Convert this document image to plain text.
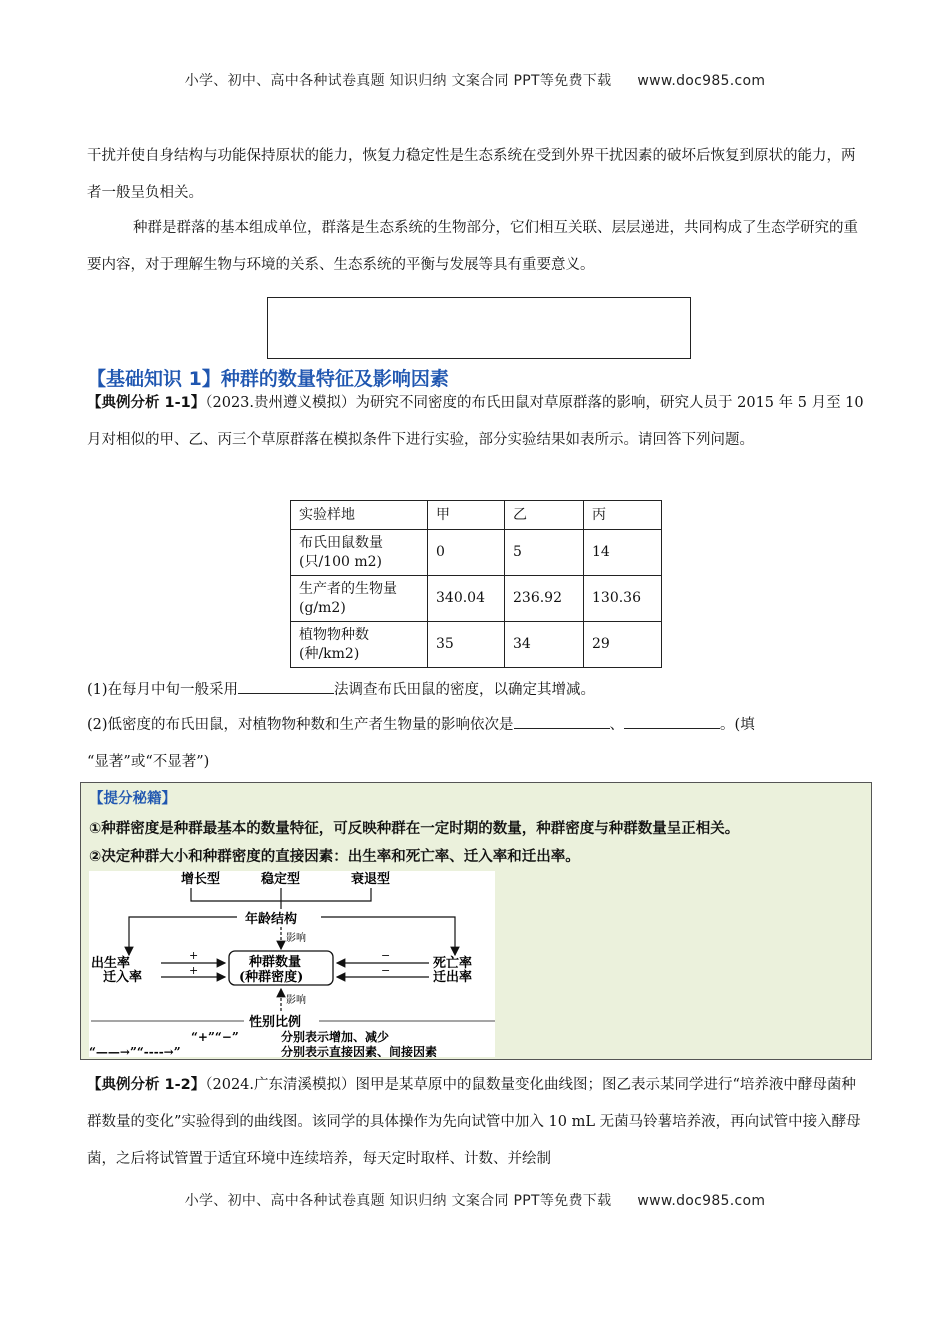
小学、初中、高中各种试卷真题 知识归纳 文案合同 PPT等免费下载 www.doc985.com
干扰并使自身结构与功能保持原状的能力，恢复力稳定性是生态系统在受到外界干扰因素的破坏后恢复到原状的能力，两者一般呈负相关。
种群是群落的基本组成单位，群落是生态系统的生物部分，它们相互关联、层层递进，共同构成了生态学研究的重要内容，对于理解生物与环境的关系、生态系统的平衡与发展等具有重要意义。
【基础知识 1】种群的数量特征及影响因素
【典例分析 1-1】（2023.贵州遵义模拟）为研究不同密度的布氏田鼠对草原群落的影响，研究人员于 2015 年 5 月至 10 月对相似的甲、乙、丙三个草原群落在模拟条件下进行实验，部分实验结果如表所示。请回答下列问题。
实验样地	甲	乙	丙
布氏田鼠数量
(只/100 m2)	0	5	14
生产者的生物量
(g/m2)	340.04	236.92	130.36
植物物种数
(种/km2)	35	34	29
(1)在每月中旬一般采用	法调查布氏田鼠的密度，以确定其增减。
(2)低密度的布氏田鼠，对植物物种数和生产者生物量的影响依次是	、	。(填
“显著”或“不显著”)
【提分秘籍】
①种群密度是种群最基本的数量特征，可反映种群在一定时期的数量，种群密度与种群数量呈正相关。
②决定种群大小和种群密度的直接因素：出生率和死亡率、迁入率和迁出率。
增长型	稳定型	衰退型
年龄结构
影响
出生率
迁入率
+
+
种群数量
(种群密度)
−
−	死亡率
迁出率
影响
性别比例
“+”“−”	分别表示增加、减少
“——→”“----→”	分别表示直接因素、间接因素
【典例分析 1-2】（2024.广东清溪模拟）图甲是某草原中的鼠数量变化曲线图；图乙表示某同学进行“培养液中酵母菌种群数量的变化”实验得到的曲线图。该同学的具体操作为先向试管中加入 10 mL 无菌马铃薯培养液，再向试管中接入酵母菌，之后将试管置于适宜环境中连续培养，每天定时取样、计数、并绘制
小学、初中、高中各种试卷真题 知识归纳 文案合同 PPT等免费下载 www.doc985.com
